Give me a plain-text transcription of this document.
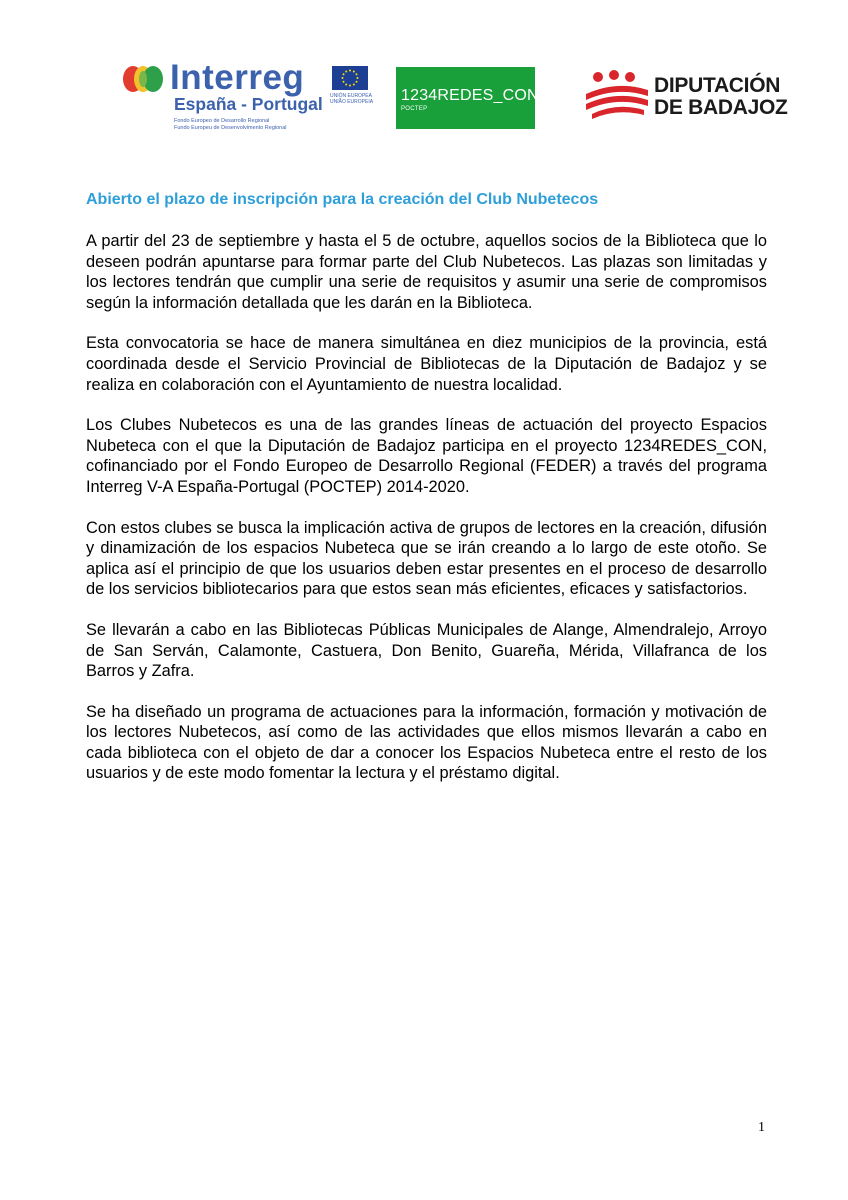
Interreg
España - Portugal
Fondo Europeo de Desarrollo Regional
Fundo Europeu de Desenvolvimento Regional
UNIÓN EUROPEA
UNIÃO EUROPEIA 1234REDES_CON
POCTEP
DIPUTACIÓN
DE BADAJOZ
Abierto el plazo de inscripción para la creación del Club Nubetecos

A partir del 23 de septiembre y hasta el 5 de octubre, aquellos socios de la Biblioteca que lo deseen podrán apuntarse para formar parte del Club Nubetecos. Las plazas son limitadas y los lectores tendrán que cumplir una serie de requisitos y asumir una serie de compromisos según la información detallada que les darán en la Biblioteca.

Esta convocatoria se hace de manera simultánea en diez municipios de la provincia, está coordinada desde el Servicio Provincial de Bibliotecas de la Diputación de Badajoz y se realiza en colaboración con el Ayuntamiento de nuestra localidad.

Los Clubes Nubetecos es una de las grandes líneas de actuación del proyecto Espacios Nubeteca con el que la Diputación de Badajoz participa en el proyecto 1234REDES_CON, cofinanciado por el Fondo Europeo de Desarrollo Regional (FEDER) a través del programa Interreg V-A España-Portugal (POCTEP) 2014-2020.

Con estos clubes se busca la implicación activa de grupos de lectores en la creación, difusión y dinamización de los espacios Nubeteca que se irán creando a lo largo de este otoño. Se aplica así el principio de que los usuarios deben estar presentes en el proceso de desarrollo de los servicios bibliotecarios para que estos sean más eficientes, eficaces y satisfactorios.

Se llevarán a cabo en las Bibliotecas Públicas Municipales de Alange, Almendralejo, Arroyo de San Serván, Calamonte, Castuera, Don Benito, Guareña, Mérida, Villafranca de los Barros y Zafra.

Se ha diseñado un programa de actuaciones para la información, formación y motivación de los lectores Nubetecos, así como de las actividades que ellos mismos llevarán a cabo en cada biblioteca con el objeto de dar a conocer los Espacios Nubeteca entre el resto de los usuarios y de este modo fomentar la lectura y el préstamo digital.

1
